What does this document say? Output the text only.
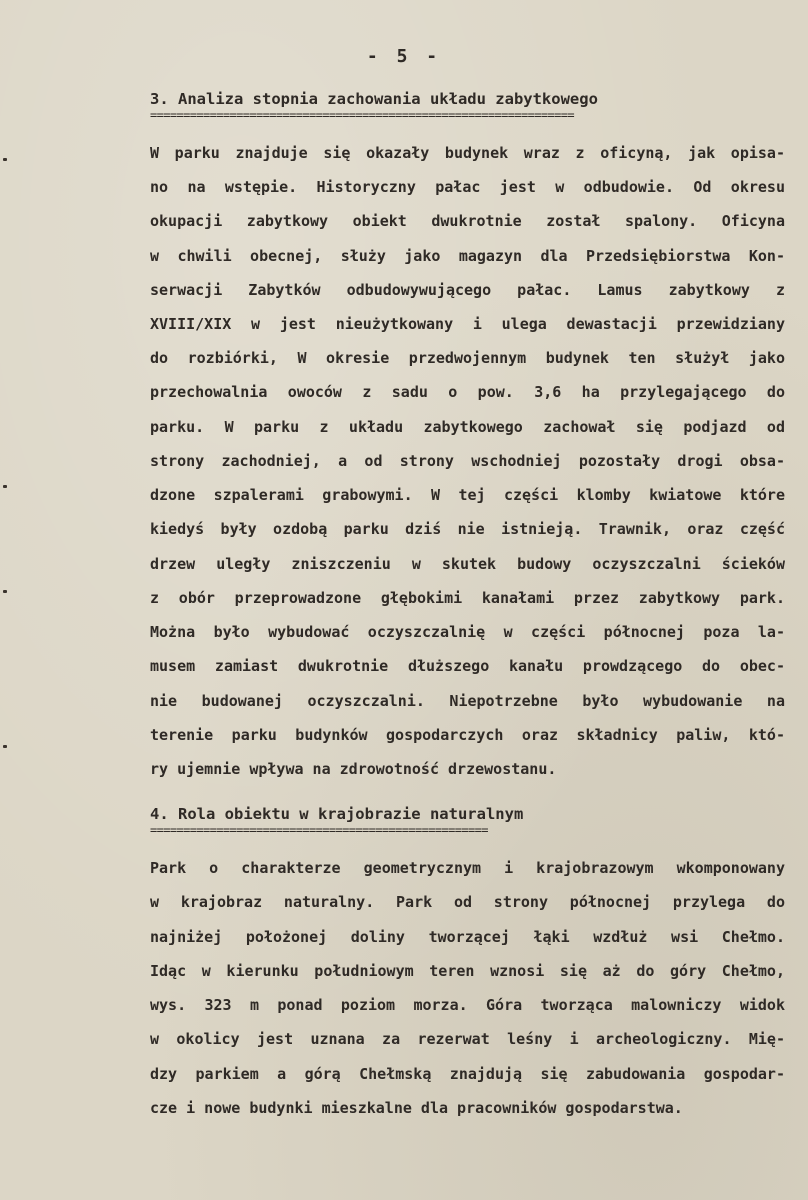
- 5 -
3. Analiza stopnia zachowania układu zabytkowego
================================================================
W parku znajduje się okazały budynek wraz z oficyną, jak opisa-
no na wstępie. Historyczny pałac jest w odbudowie. Od okresu
okupacji zabytkowy obiekt dwukrotnie został spalony. Oficyna
w chwili obecnej, służy jako magazyn dla Przedsiębiorstwa Kon-
serwacji Zabytków odbudowywującego pałac. Lamus zabytkowy z
XVIII/XIX w jest nieużytkowany i ulega dewastacji przewidziany
do rozbiórki, W okresie przedwojennym budynek ten służył jako
przechowalnia owoców z sadu o pow. 3,6 ha przylegającego do
parku. W parku z układu zabytkowego zachował się podjazd od
strony zachodniej, a od strony wschodniej pozostały drogi obsa-
dzone szpalerami grabowymi. W tej części klomby kwiatowe które
kiedyś były ozdobą parku dziś nie istnieją. Trawnik, oraz część
drzew uległy zniszczeniu w skutek budowy oczyszczalni ścieków
z obór przeprowadzone głębokimi kanałami przez zabytkowy park.
Można było wybudować oczyszczalnię w części północnej poza la-
musem zamiast dwukrotnie dłuższego kanału prowdzącego do obec-
nie budowanej oczyszczalni. Niepotrzebne było wybudowanie na
terenie parku budynków gospodarczych oraz składnicy paliw, któ-
ry ujemnie wpływa na zdrowotność drzewostanu.
4. Rola obiektu w krajobrazie naturalnym
===================================================
Park o charakterze geometrycznym i krajobrazowym wkomponowany
w krajobraz naturalny. Park od strony północnej przylega do
najniżej położonej doliny tworzącej łąki wzdłuż wsi Chełmo.
Idąc w kierunku południowym teren wznosi się aż do góry Chełmo,
wys. 323 m ponad poziom morza. Góra tworząca malowniczy widok
w okolicy jest uznana za rezerwat leśny i archeologiczny. Mię-
dzy parkiem a górą Chełmską znajdują się zabudowania gospodar-
cze i nowe budynki mieszkalne dla pracowników gospodarstwa.
